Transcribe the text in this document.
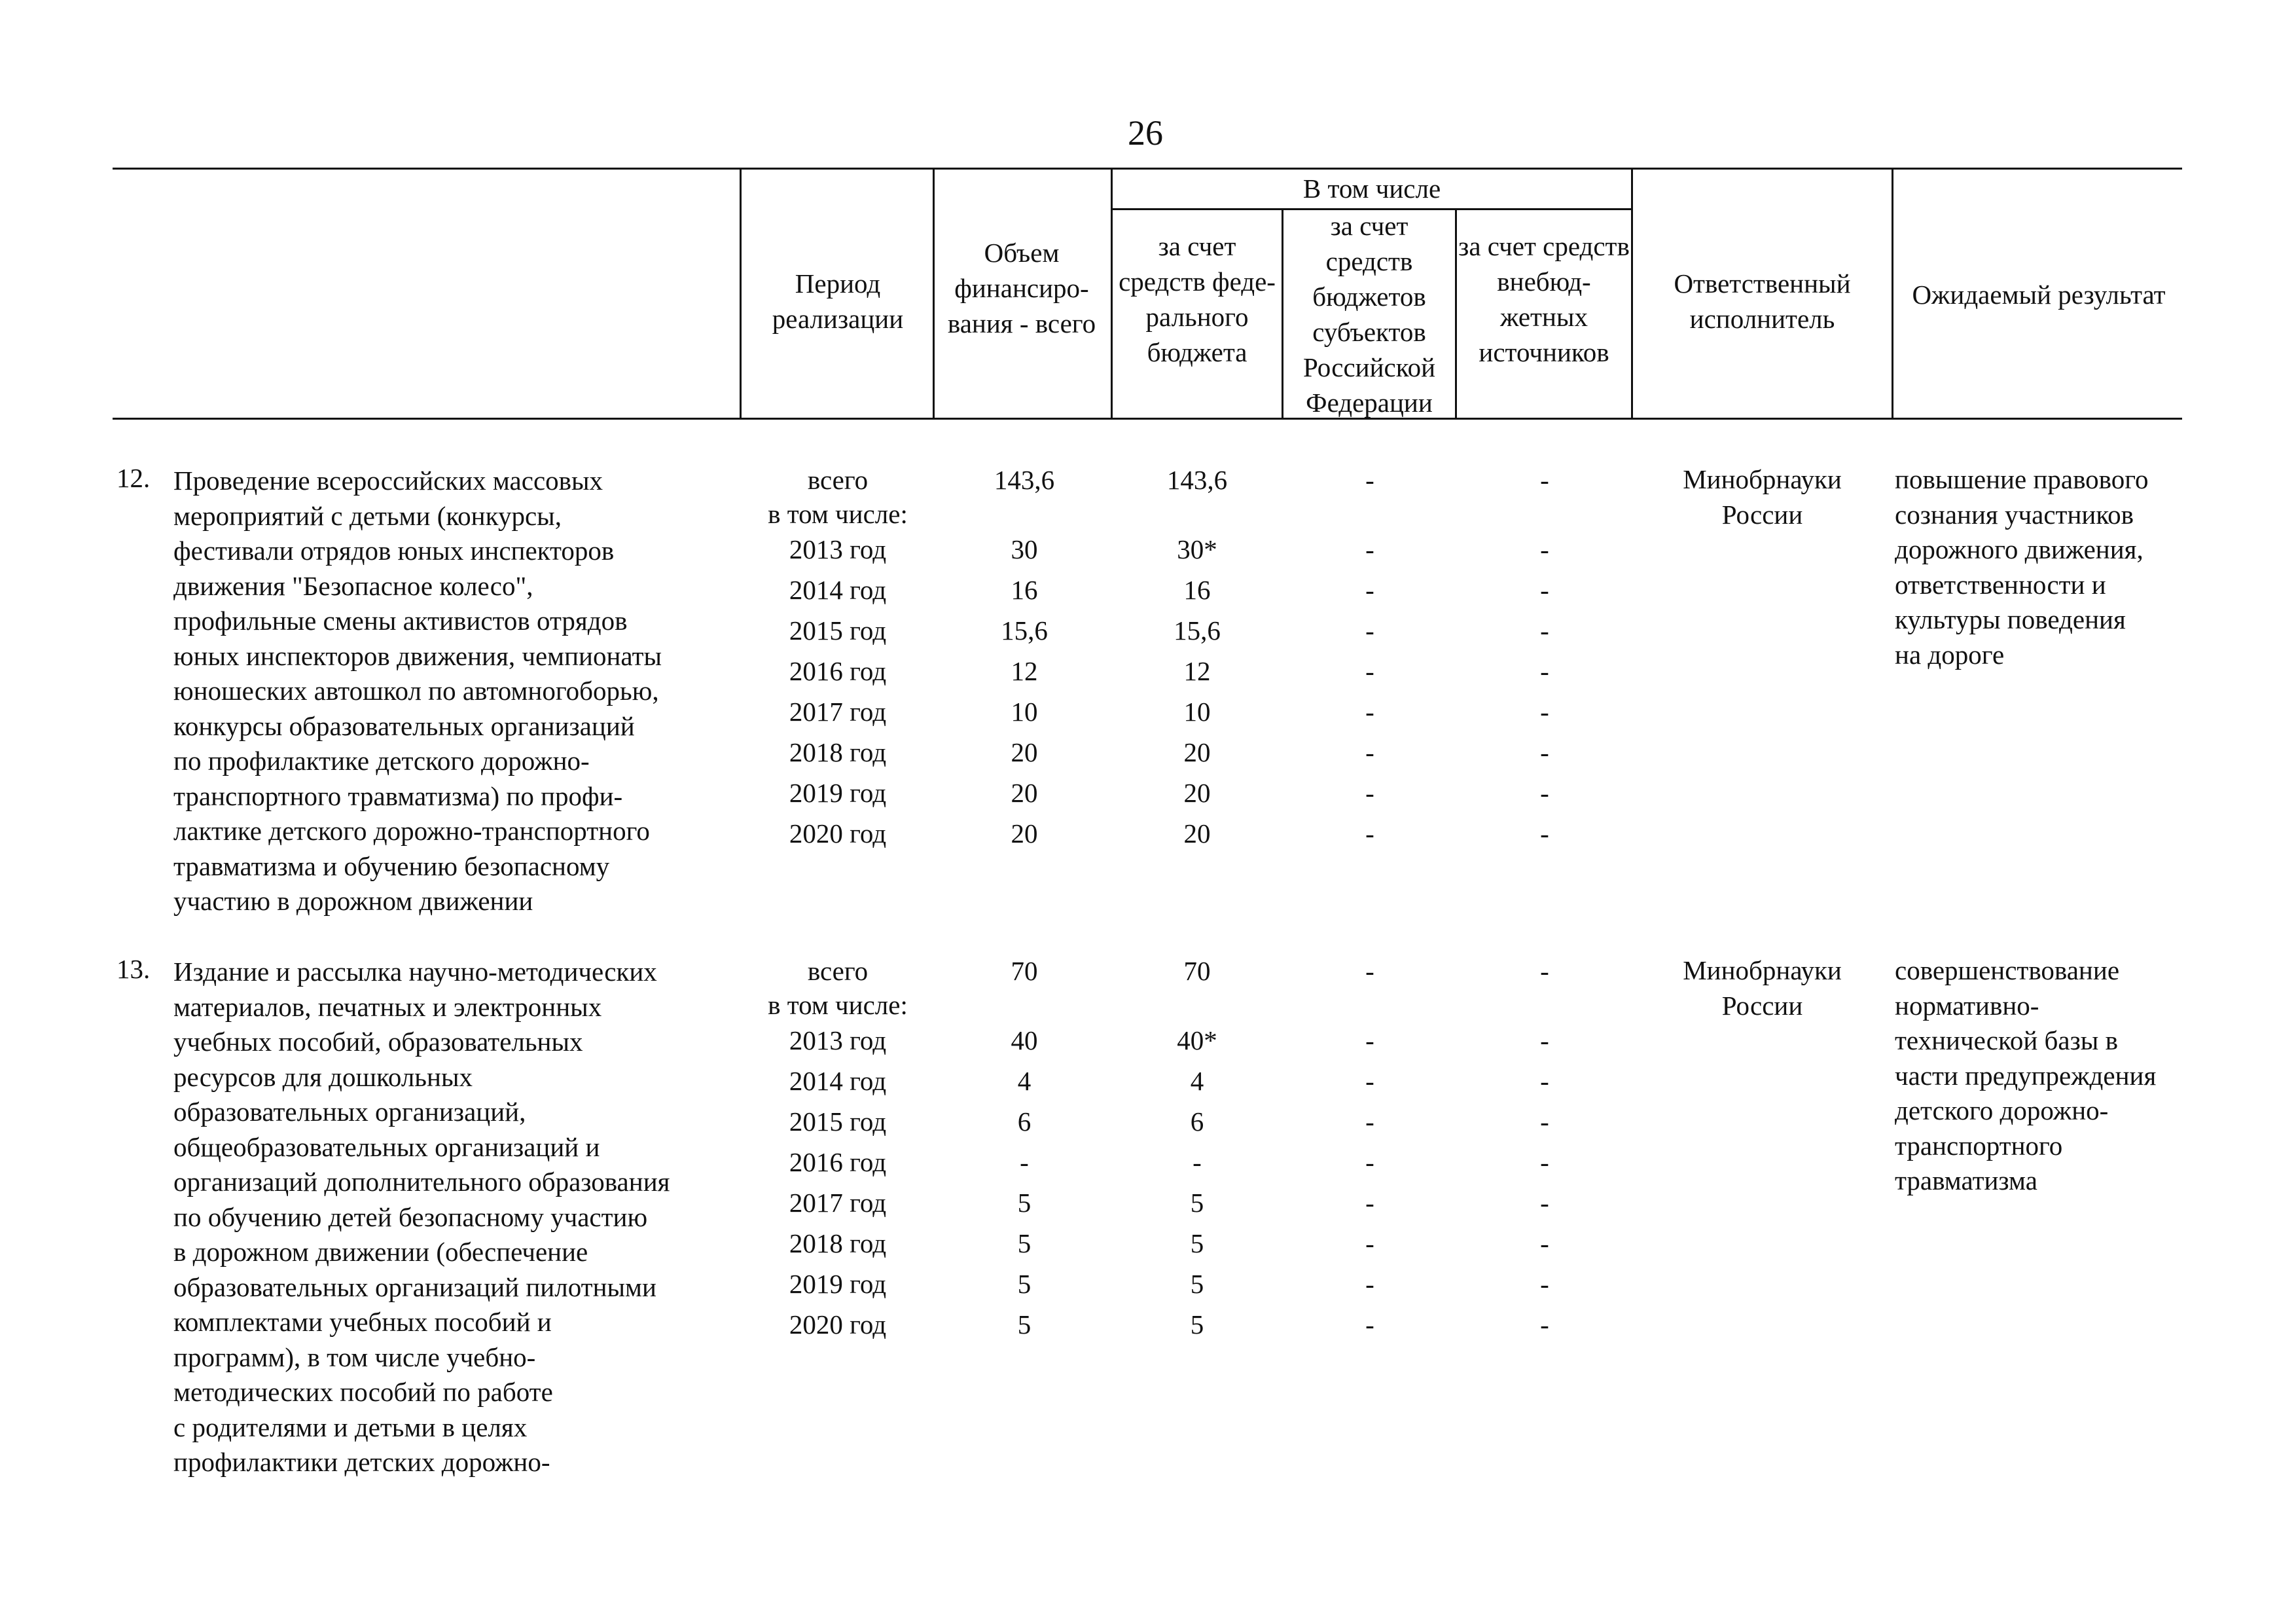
26
Период реализации
Объем финансиро- вания - всего
В том числе
за счет средств феде- рального бюджета
за счет средств бюджетов субъектов Российской Федерации
за счет средств внебюд- жетных источников
Ответственный исполнитель
Ожидаемый результат
12. Проведение всероссийских массовых
мероприятий с детьми (конкурсы,
фестивали отрядов юных инспекторов
движения "Безопасное колесо",
профильные смены активистов отрядов
юных инспекторов движения, чемпионаты
юношеских автошкол по автомногоборью,
конкурсы образовательных организаций
по профилактике детского дорожно-
транспортного травматизма) по профи-
лактике детского дорожно-транспортного
травматизма и обучению безопасному
участию в дорожном движении
всего
в том числе:
2013 год
2014 год
2015 год
2016 год
2017 год
2018 год
2019 год
2020 год
143,6
30
16
15,6
12
10
20
20
20
143,6
30*
16
15,6
12
10
20
20
20
-
-
-
-
-
-
-
-
-
-
-
-
-
-
-
-
-
-
Минобрнауки
России
повышение правового
сознания участников
дорожного движения,
ответственности и
культуры поведения
на дороге
13. Издание и рассылка научно-методических
материалов, печатных и электронных
учебных пособий, образовательных
ресурсов для дошкольных
образовательных организаций,
общеобразовательных организаций и
организаций дополнительного образования
по обучению детей безопасному участию
в дорожном движении (обеспечение
образовательных организаций пилотными
комплектами учебных пособий и
программ), в том числе учебно-
методических пособий по работе
с родителями и детьми в целях
профилактики детских дорожно-
всего
в том числе:
2013 год
2014 год
2015 год
2016 год
2017 год
2018 год
2019 год
2020 год
70
40
4
6
-
5
5
5
5
70
40*
4
6
-
5
5
5
5
-
-
-
-
-
-
-
-
-
-
-
-
-
-
-
-
-
-
Минобрнауки
России
совершенствование
нормативно-
технической базы в
части предупреждения
детского дорожно-
транспортного
травматизма
